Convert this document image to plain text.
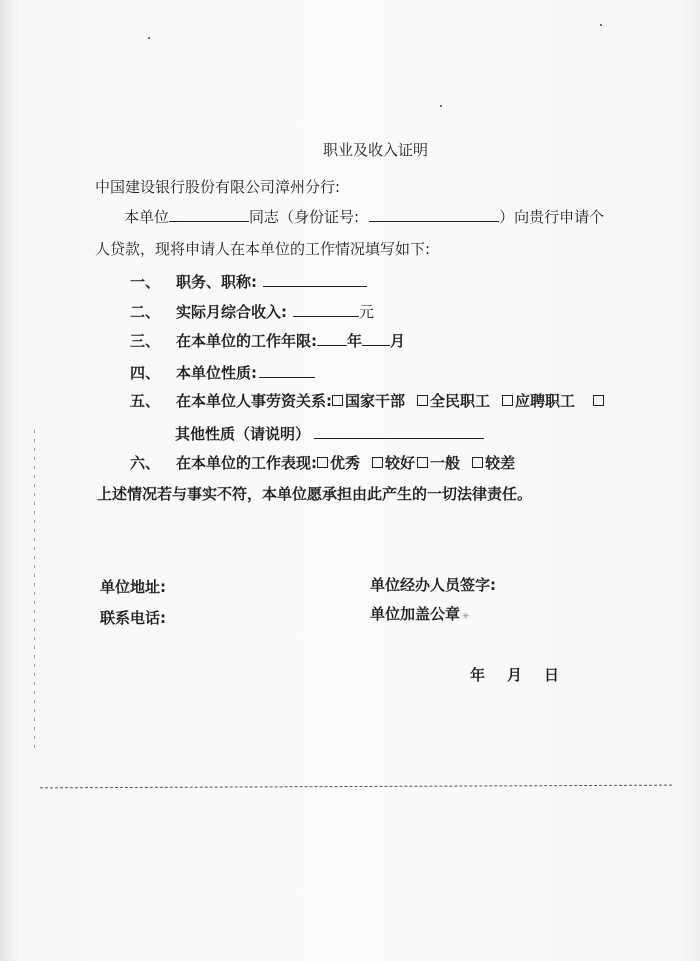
职业及收入证明
中国建设银行股份有限公司漳州分行:
本单位	同志（身份证号:	）向贵行申请个
人贷款，现将申请人在本单位的工作情况填写如下:
一、 职务、职称:
二、 实际月综合收入:	元
三、 在本单位的工作年限: 年 月
四、 本单位性质:
五、 在本单位人事劳资关系: 国家干部 全民职工 应聘职工
其他性质（请说明）
六、 在本单位的工作表现: 优秀 较好 一般 较差
上述情况若与事实不符，本单位愿承担由此产生的一切法律责任。
单位地址:
联系电话:
单位经办人员签字:
单位加盖公章 ✳
年 月 日
